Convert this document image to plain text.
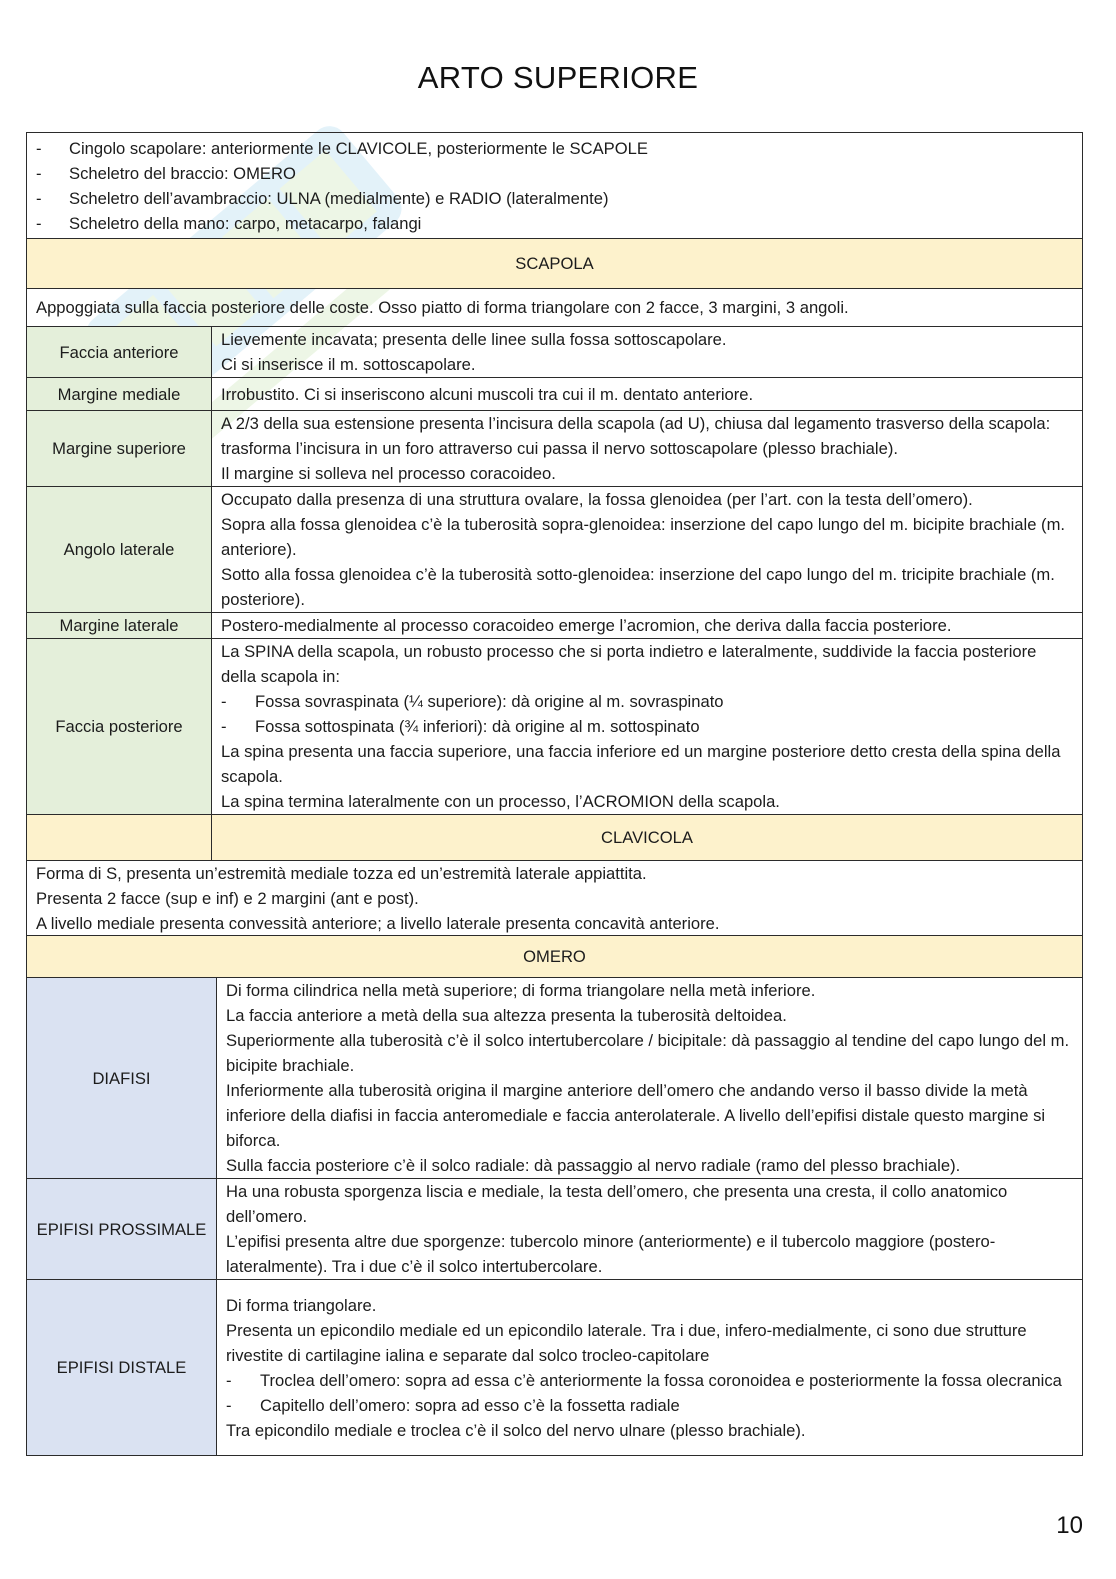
ARTO SUPERIORE
- Cingolo scapolare: anteriormente le CLAVICOLE, posteriormente le SCAPOLE
- Scheletro del braccio: OMERO
- Scheletro dell’avambraccio: ULNA (medialmente) e RADIO (lateralmente)
- Scheletro della mano: carpo, metacarpo, falangi

SCAPOLA	
Appoggiata sulla faccia posteriore delle coste. Osso piatto di forma triangolare con 2 facce, 3 margini, 3 angoli.	
Faccia anteriore	Lievemente incavata; presenta delle linee sulla fossa sottoscapolare.
Ci si inserisce il m. sottoscapolare.

Margine mediale	Irrobustito. Ci si inseriscono alcuni muscoli tra cui il m. dentato anteriore.

Margine superiore	A 2/3 della sua estensione presenta l’incisura della scapola (ad U), chiusa dal legamento trasverso della scapola: trasforma l’incisura in un foro attraverso cui passa il nervo sottoscapolare (plesso brachiale).
Il margine si solleva nel processo coracoideo.

Angolo laterale	Occupato dalla presenza di una struttura ovalare, la fossa glenoidea (per l’art. con la testa dell’omero).
Sopra alla fossa glenoidea c’è la tuberosità sopra-glenoidea: inserzione del capo lungo del m. bicipite brachiale (m. anteriore).
Sotto alla fossa glenoidea c’è la tuberosità sotto-glenoidea: inserzione del capo lungo del m. tricipite brachiale (m. posteriore).

Margine laterale	Postero-medialmente al processo coracoideo emerge l’acromion, che deriva dalla faccia posteriore.

Faccia posteriore	La SPINA della scapola, un robusto processo che si porta indietro e lateralmente, suddivide la faccia posteriore della scapola in:
- Fossa sovraspinata (¼ superiore): dà origine al m. sovraspinato
- Fossa sottospinata (¾ inferiori): dà origine al m. sottospinato
La spina presenta una faccia superiore, una faccia inferiore ed un margine posteriore detto cresta della spina della scapola.
La spina termina lateralmente con un processo, l’ACROMION della scapola.

	CLAVICOLA

Forma di S, presenta un’estremità mediale tozza ed un’estremità laterale appiattita.
Presenta 2 facce (sup e inf) e 2 margini (ant e post).
A livello mediale presenta convessità anteriore; a livello laterale presenta concavità anteriore.	
OMERO	
DIAFISI	Di forma cilindrica nella metà superiore; di forma triangolare nella metà inferiore.
La faccia anteriore a metà della sua altezza presenta la tuberosità deltoidea.
Superiormente alla tuberosità c’è il solco intertubercolare / bicipitale: dà passaggio al tendine del capo lungo del m. bicipite brachiale.
Inferiormente alla tuberosità origina il margine anteriore dell’omero che andando verso il basso divide la metà inferiore della diafisi in faccia anteromediale e faccia anterolaterale. A livello dell’epifisi distale questo margine si biforca.
Sulla faccia posteriore c’è il solco radiale: dà passaggio al nervo radiale (ramo del plesso brachiale).

EPIFISI PROSSIMALE	Ha una robusta sporgenza liscia e mediale, la testa dell’omero, che presenta una cresta, il collo anatomico dell’omero.
L’epifisi presenta altre due sporgenze: tubercolo minore (anteriormente) e il tubercolo maggiore (postero-lateralmente). Tra i due c’è il solco intertubercolare.

EPIFISI DISTALE	Di forma triangolare.
Presenta un epicondilo mediale ed un epicondilo laterale. Tra i due, infero-medialmente, ci sono due strutture rivestite di cartilagine ialina e separate dal solco trocleo-capitolare
- Troclea dell’omero: sopra ad essa c’è anteriormente la fossa coronoidea e posteriormente la fossa olecranica
- Capitello dell’omero: sopra ad esso c’è la fossetta radiale
Tra epicondilo mediale e troclea c’è il solco del nervo ulnare (plesso brachiale).
10
